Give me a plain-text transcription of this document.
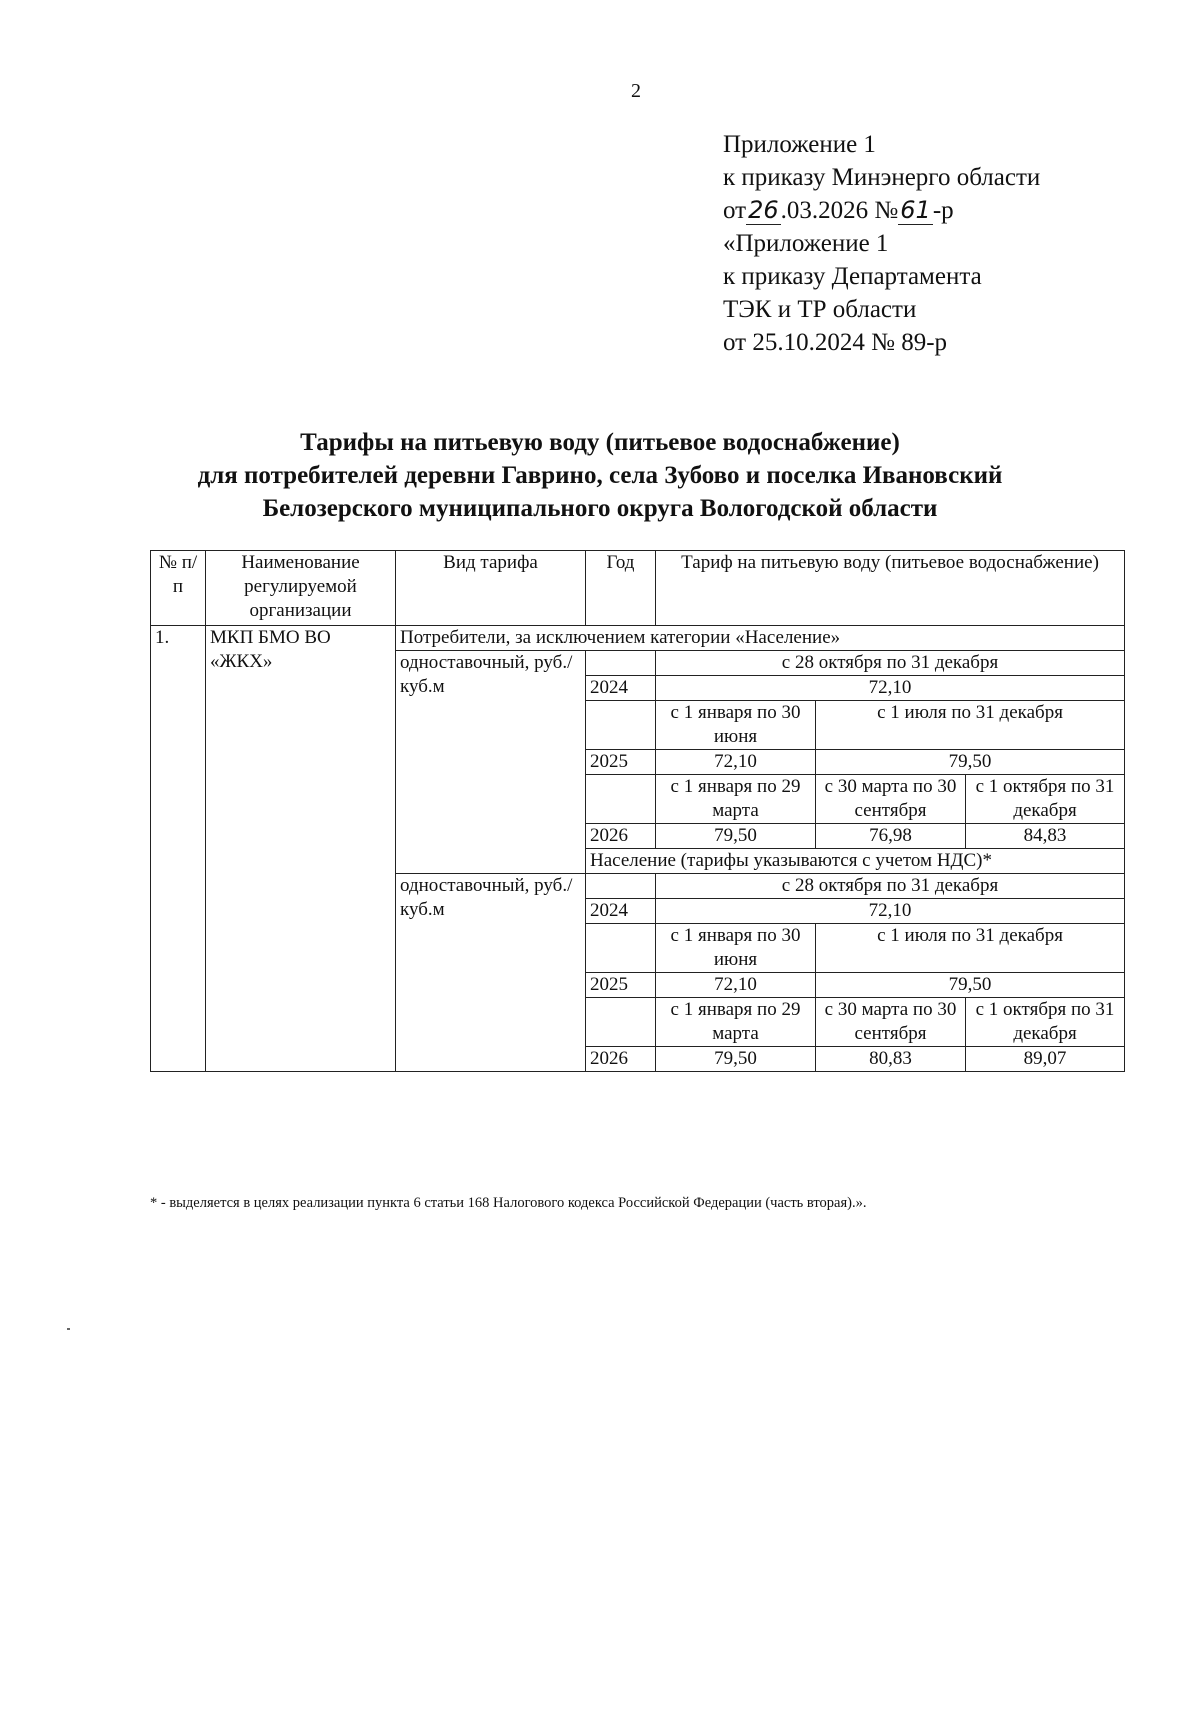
2
Приложение 1
к приказу Минэнерго области
от26.03.2026 №61-р
«Приложение 1
к приказу Департамента
ТЭК и ТР области
от 25.10.2024 № 89-р
Тарифы на питьевую воду (питьевое водоснабжение)
для потребителей деревни Гаврино, села Зубово и поселка Ивановский
Белозерского муниципального округа Вологодской области
№ п/п	Наименование регулируемой организации	Вид тарифа	Год	Тариф на питьевую воду (питьевое водоснабжение)		
1.	МКП БМО ВО «ЖКХ»	Потребители, за исключением категории «Население»				
		одноставочный, руб./куб.м		с 28 октября по 31 декабря		
			2024	72,10		
				с 1 января по 30 июня	с 1 июля по 31 декабря	
			2025	72,10	79,50	
				с 1 января по 29 марта	с 30 марта по 30 сентября	с 1 октября по 31 декабря
			2026	79,50	76,98	84,83
			Население (тарифы указываются с учетом НДС)*			
		одноставочный, руб./куб.м		с 28 октября по 31 декабря		
			2024	72,10		
				с 1 января по 30 июня	с 1 июля по 31 декабря	
			2025	72,10	79,50	
				с 1 января по 29 марта	с 30 марта по 30 сентября	с 1 октября по 31 декабря
			2026	79,50	80,83	89,07
* - выделяется в целях реализации пункта 6 статьи 168 Налогового кодекса Российской Федерации (часть вторая).».
